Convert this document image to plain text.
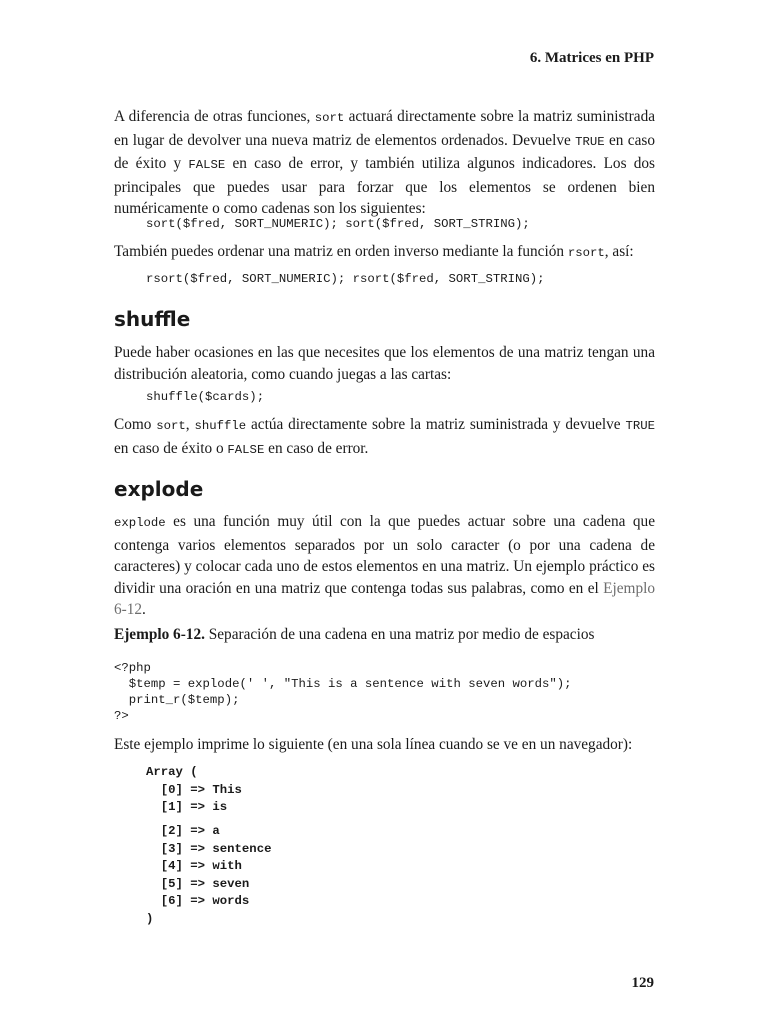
6. Matrices en PHP

A diferencia de otras funciones, sort actuará directamente sobre la matriz suministrada en lugar de devolver una nueva matriz de elementos ordenados. Devuelve TRUE en caso de éxito y FALSE en caso de error, y también utiliza algunos indicadores. Los dos principales que puedes usar para forzar que los elementos se ordenen bien numéricamente o como cadenas son los siguientes:

sort($fred, SORT_NUMERIC); sort($fred, SORT_STRING);

También puedes ordenar una matriz en orden inverso mediante la función rsort, así:

rsort($fred, SORT_NUMERIC); rsort($fred, SORT_STRING);
shuffle

Puede haber ocasiones en las que necesites que los elementos de una matriz tengan una distribución aleatoria, como cuando juegas a las cartas:

shuffle($cards);

Como sort, shuffle actúa directamente sobre la matriz suministrada y devuelve TRUE en caso de éxito o FALSE en caso de error.

explode

explode es una función muy útil con la que puedes actuar sobre una cadena que contenga varios elementos separados por un solo caracter (o por una cadena de caracteres) y colocar cada uno de estos elementos en una matriz. Un ejemplo práctico es dividir una oración en una matriz que contenga todas sus palabras, como en el Ejemplo 6-12.

Ejemplo 6-12. Separación de una cadena en una matriz por medio de espacios

<?php
$temp = explode(' ', "This is a sentence with seven words");
print_r($temp);
?>

Este ejemplo imprime lo siguiente (en una sola línea cuando se ve en un navegador):

Array (
[0] => This
[1] => is
[2] => a
[3] => sentence
[4] => with
[5] => seven
[6] => words
)
129
